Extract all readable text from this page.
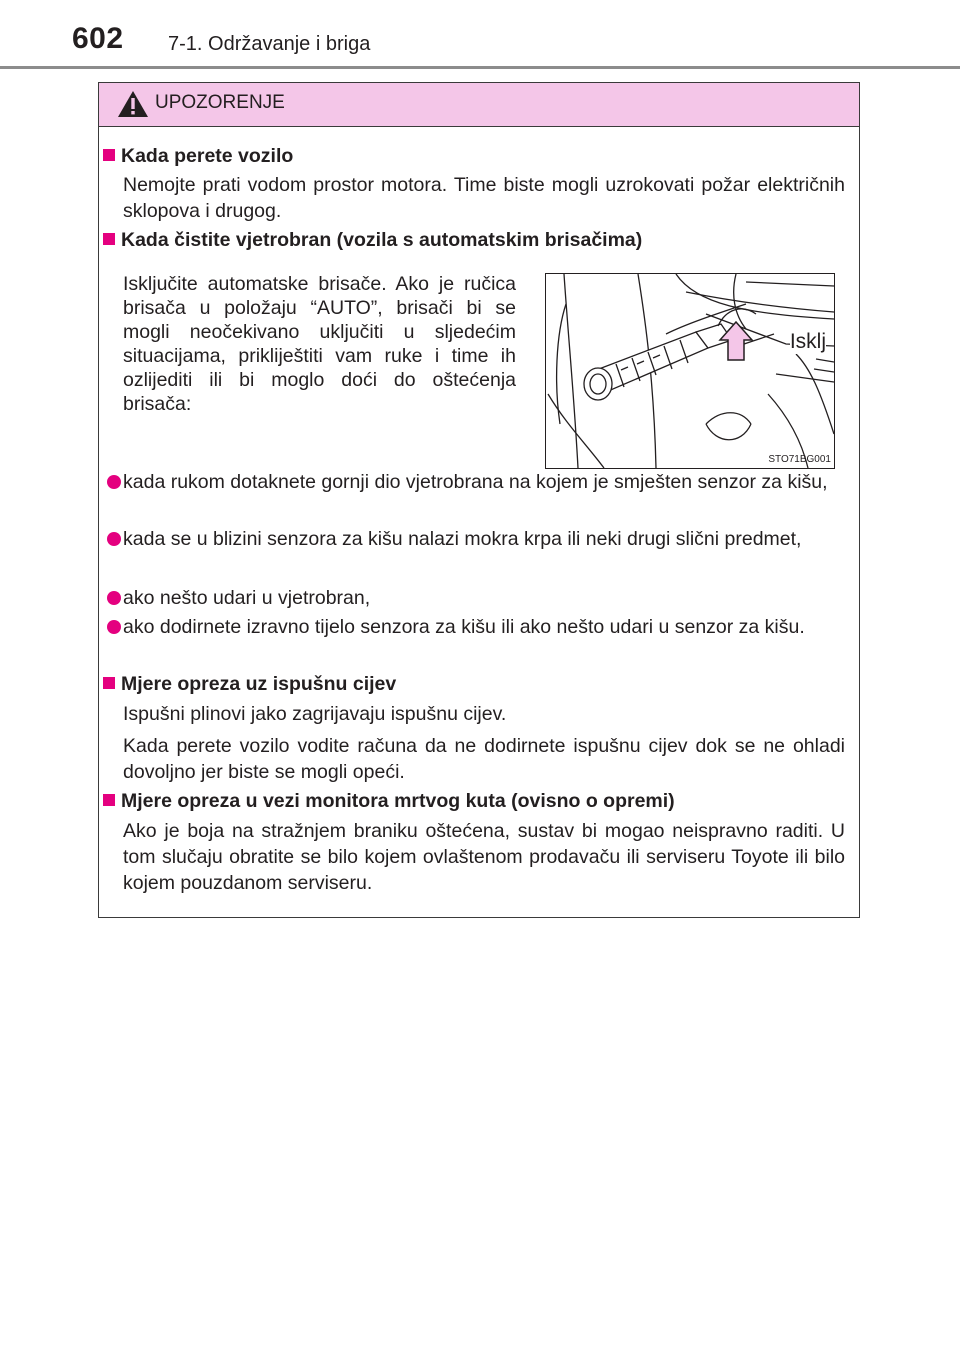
602 7-1. Održavanje i briga
UPOZORENJE
Kada perete vozilo
Nemojte prati vodom prostor motora. Time biste mogli uzrokovati požar električnih sklopova i drugog.
Kada čistite vjetrobran (vozila s automatskim brisačima)
Isključite automatske brisače. Ako je ručica brisača u položaju “AUTO”, brisači bi se mogli neočekivano uključiti u sljedećim situacijama, prikliještiti vam ruke i time ih ozlijediti ili bi moglo doći do oštećenja brisača:
Isklj
STO71BG001
kada rukom dotaknete gornji dio vjetrobrana na kojem je smješten senzor za kišu,
kada se u blizini senzora za kišu nalazi mokra krpa ili neki drugi slični predmet,
ako nešto udari u vjetrobran,
ako dodirnete izravno tijelo senzora za kišu ili ako nešto udari u senzor za kišu.
Mjere opreza uz ispušnu cijev
Ispušni plinovi jako zagrijavaju ispušnu cijev.
Kada perete vozilo vodite računa da ne dodirnete ispušnu cijev dok se ne ohladi dovoljno jer biste se mogli opeći.
Mjere opreza u vezi monitora mrtvog kuta (ovisno o opremi)
Ako je boja na stražnjem braniku oštećena, sustav bi mogao neispravno raditi. U tom slučaju obratite se bilo kojem ovlaštenom prodavaču ili serviseru Toyote ili bilo kojem pouzdanom serviseru.
